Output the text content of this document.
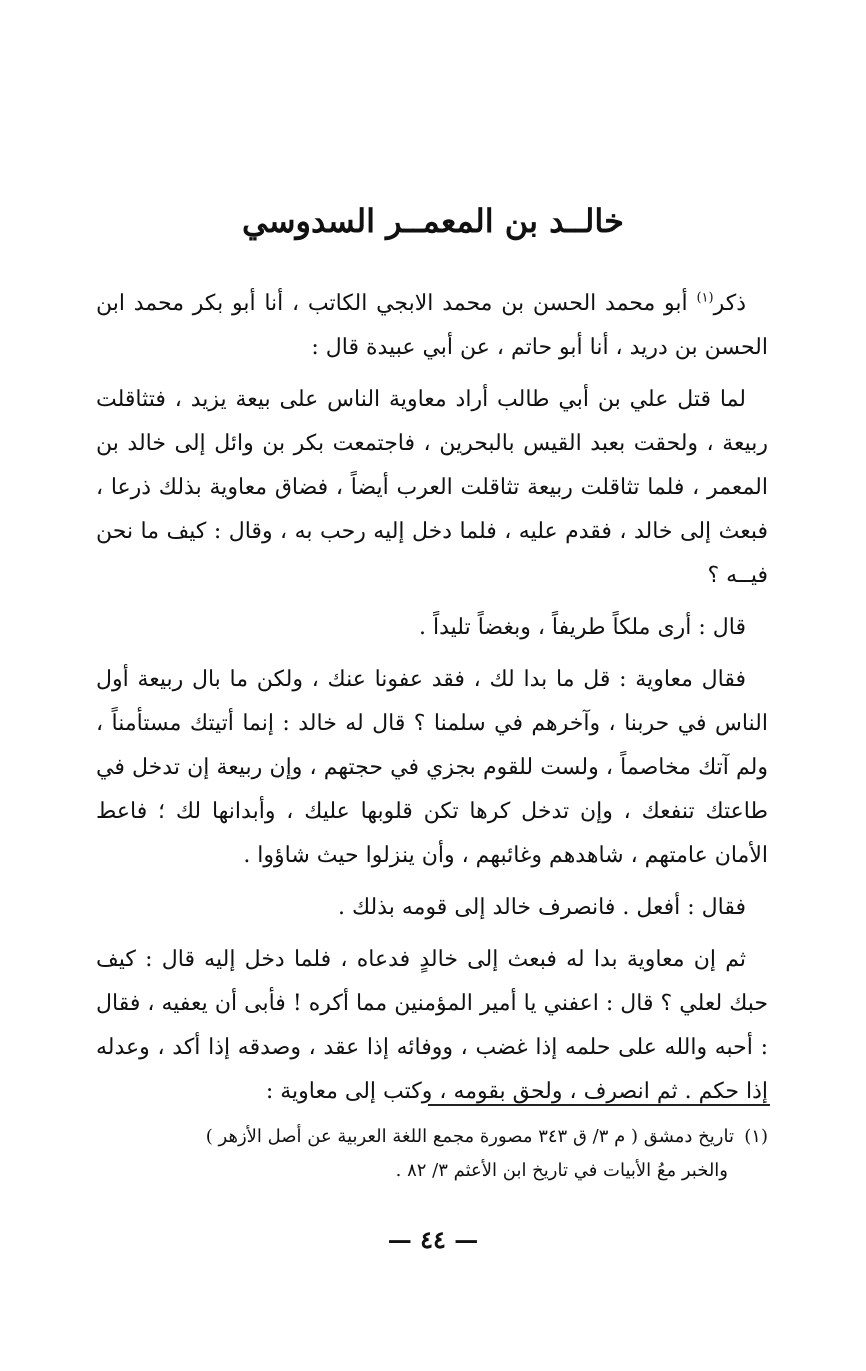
خالــد بن المعمــر السدوسي

ذكر$^{(١)}$ أبو محمد الحسن بن محمد الابجي الكاتب ، أنا أبو بكر محمد ابن الحسن بن دريد ، أنا أبو حاتم ، عن أبي عبيدة قال :

لما قتل علي بن أبي طالب أراد معاوية الناس على بيعة يزيد ، فتثاقلت ربيعة ، ولحقت بعبد القيس بالبحرين ، فاجتمعت بكر بن وائل إلى خالد بن المعمر ، فلما تثاقلت ربيعة تثاقلت العرب أيضاً ، فضاق معاوية بذلك ذرعا ، فبعث إلى خالد ، فقدم عليه ، فلما دخل إليه رحب به ، وقال : كيف ما نحن فيــه ؟

قال : أرى ملكاً طريفاً ، وبغضاً تليداً .

فقال معاوية : قل ما بدا لك ، فقد عفونا عنك ، ولكن ما بال ربيعة أول الناس في حربنا ، وآخرهم في سلمنا ؟ قال له خالد : إنما أتيتك مستأمناً ، ولم آتك مخاصماً ، ولست للقوم بجزي في حجتهم ، وإن ربيعة إن تدخل في طاعتك تنفعك ، وإن تدخل كرها تكن قلوبها عليك ، وأبدانها لك ؛ فاعط الأمان عامتهم ، شاهدهم وغائبهم ، وأن ينزلوا حيث شاؤوا .

فقال : أفعل . فانصرف خالد إلى قومه بذلك .

ثم إن معاوية بدا له فبعث إلى خالدٍ فدعاه ، فلما دخل إليه قال : كيف حبك لعلي ؟ قال : اعفني يا أمير المؤمنين مما أكره ! فأبى أن يعفيه ، فقال : أحبه والله على حلمه إذا غضب ، ووفائه إذا عقد ، وصدقه إذا أكد ، وعدله إذا حكم . ثم انصرف ، ولحق بقومه ، وكتب إلى معاوية :

(١)تاريخ دمشق ( م ٣/ ق ٣٤٣ مصورة مجمع اللغة العربية عن أصل الأزهر )
والخبر معُ الأبيات في تاريخ ابن الأعثم ٣/ ٨٢ .

— ٤٤ —
